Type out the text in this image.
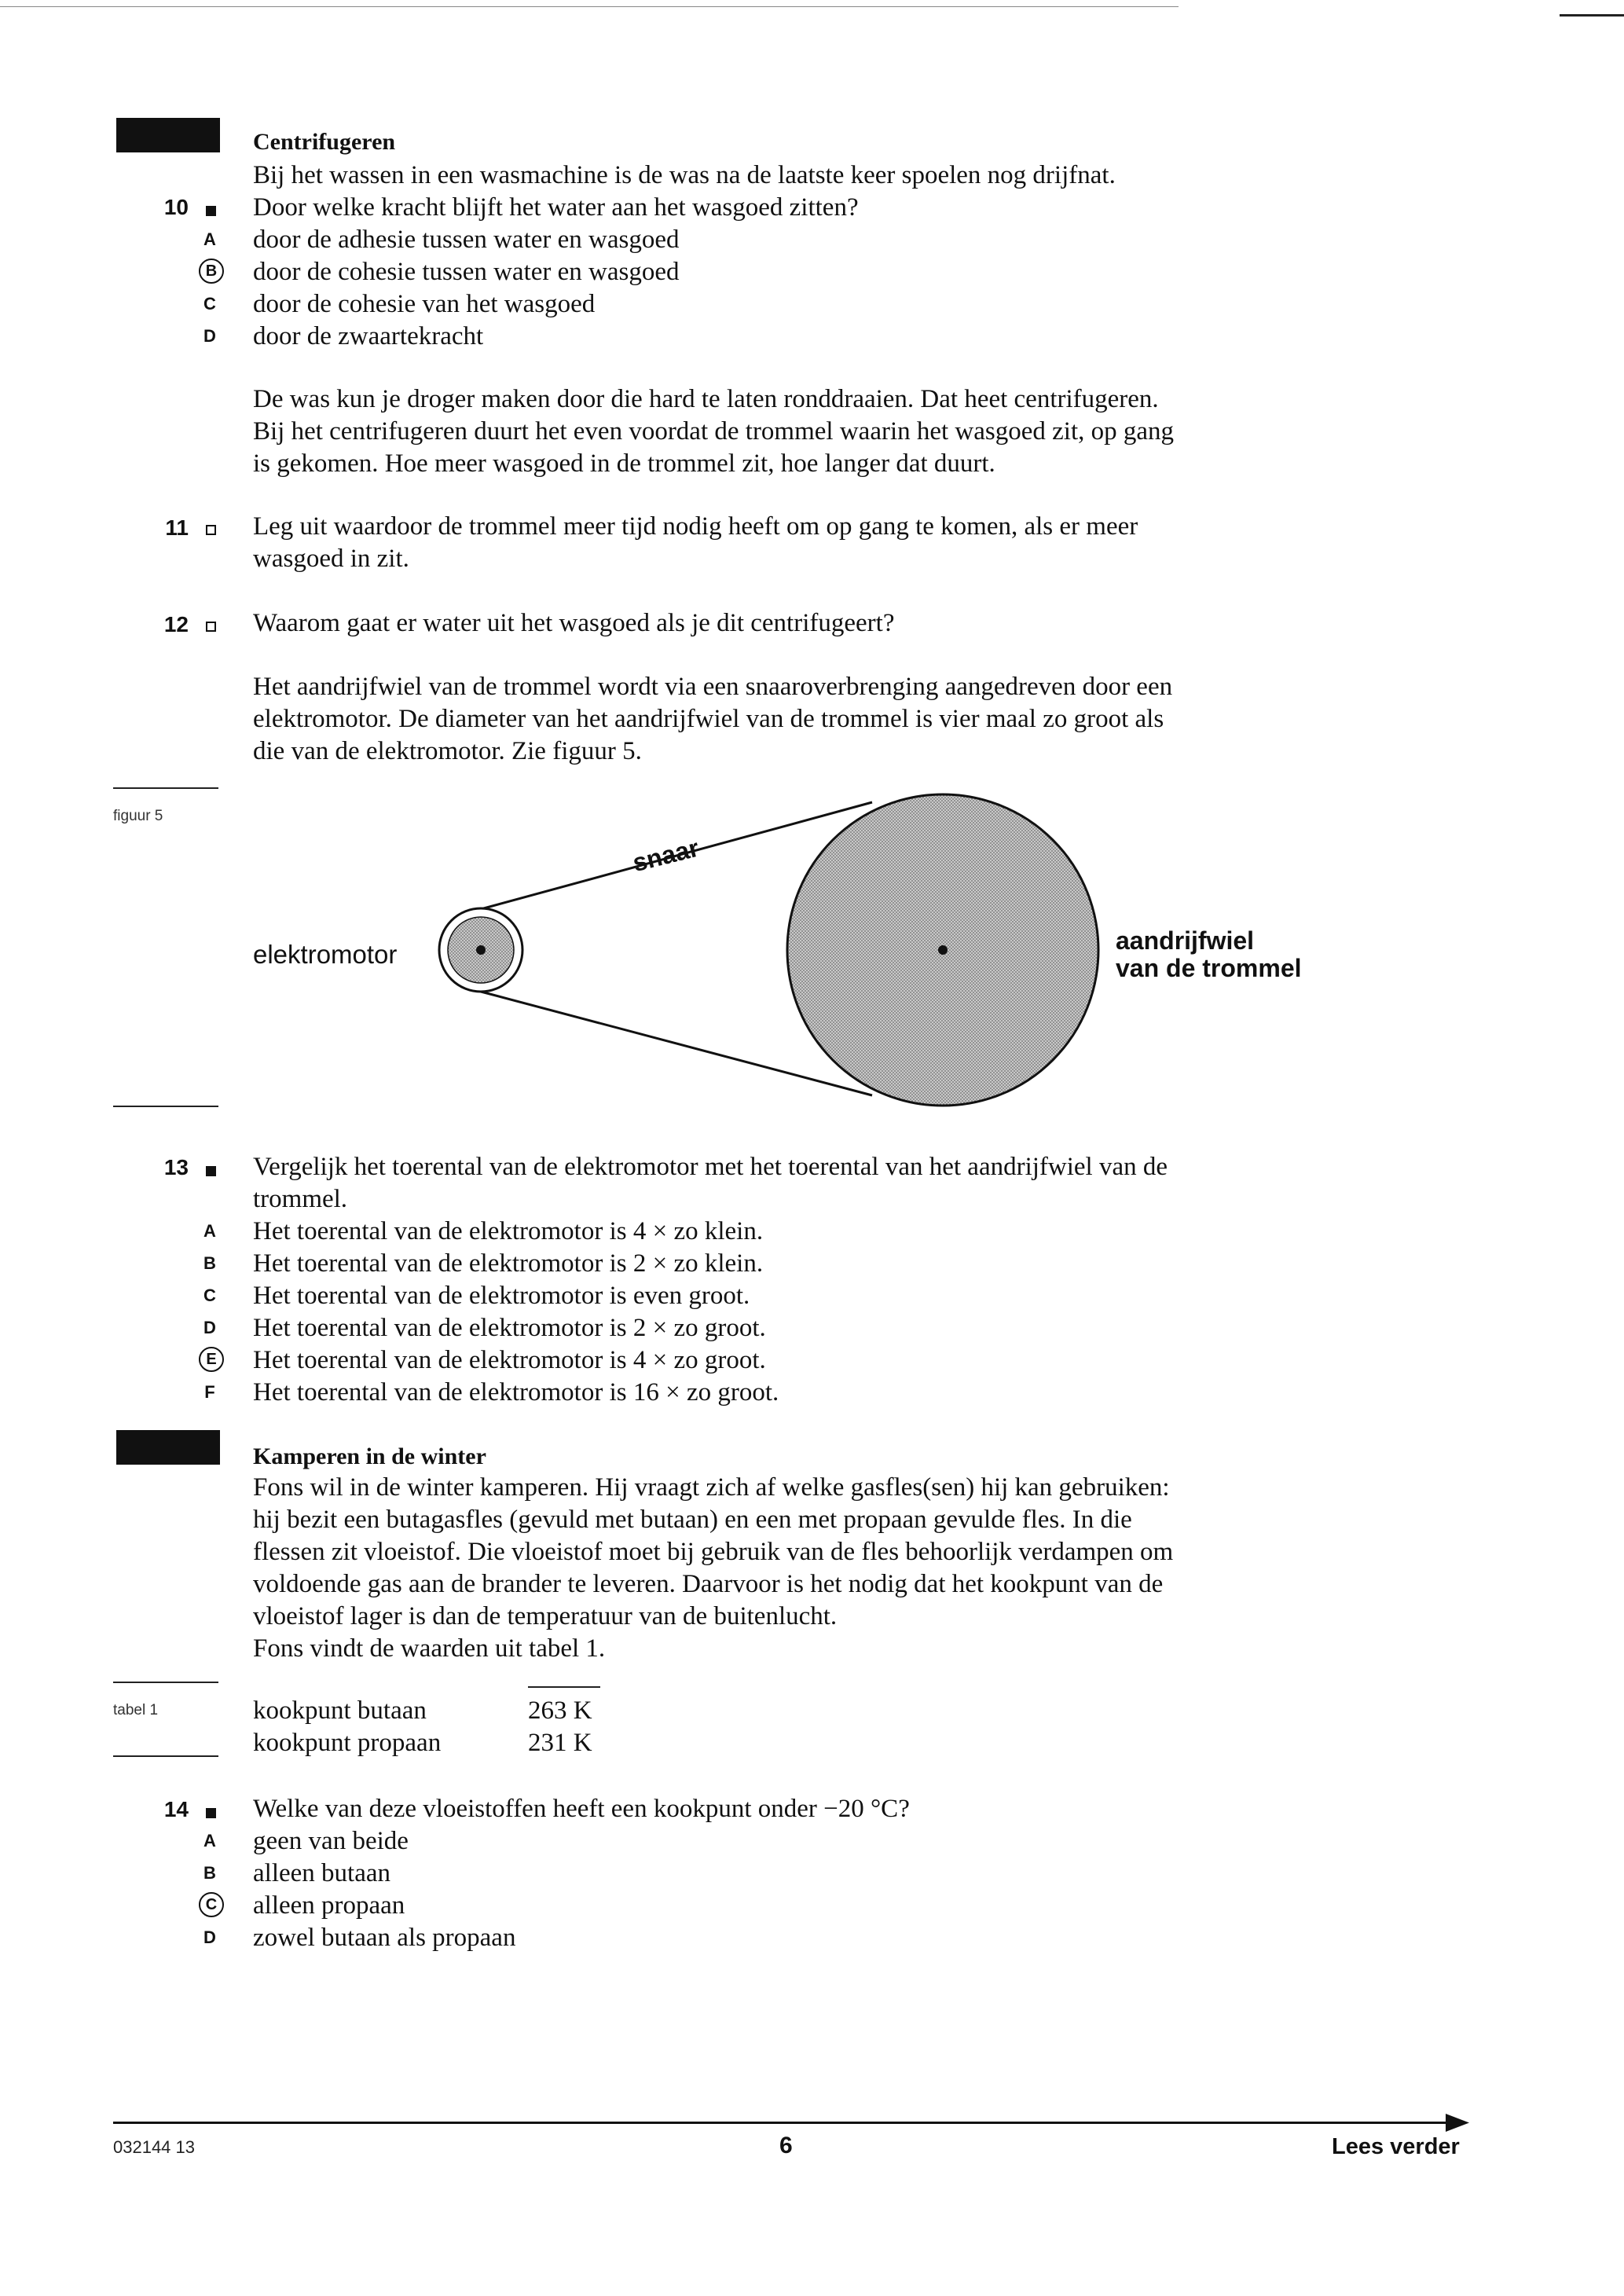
Centrifugeren
Bij het wassen in een wasmachine is de was na de laatste keer spoelen nog drijfnat.
10 Door welke kracht blijft het water aan het wasgoed zitten?
A door de adhesie tussen water en wasgoed
B door de cohesie tussen water en wasgoed
C door de cohesie van het wasgoed
D door de zwaartekracht
De was kun je droger maken door die hard te laten ronddraaien. Dat heet centrifugeren.
Bij het centrifugeren duurt het even voordat de trommel waarin het wasgoed zit, op gang
is gekomen. Hoe meer wasgoed in de trommel zit, hoe langer dat duurt.
11 Leg uit waardoor de trommel meer tijd nodig heeft om op gang te komen, als er meer
wasgoed in zit.
12 Waarom gaat er water uit het wasgoed als je dit centrifugeert?
Het aandrijfwiel van de trommel wordt via een snaaroverbrenging aangedreven door een
elektromotor. De diameter van het aandrijfwiel van de trommel is vier maal zo groot als
die van de elektromotor. Zie figuur 5.
figuur 5
snaar
elektromotor	aandrijfwiel
van de trommel
13 Vergelijk het toerental van de elektromotor met het toerental van het aandrijfwiel van de
trommel.
A Het toerental van de elektromotor is 4 × zo klein.
B Het toerental van de elektromotor is 2 × zo klein.
C Het toerental van de elektromotor is even groot.
D Het toerental van de elektromotor is 2 × zo groot.
E Het toerental van de elektromotor is 4 × zo groot.
F Het toerental van de elektromotor is 16 × zo groot.
Kamperen in de winter
Fons wil in de winter kamperen. Hij vraagt zich af welke gasfles(sen) hij kan gebruiken:
hij bezit een butagasfles (gevuld met butaan) en een met propaan gevulde fles. In die
flessen zit vloeistof. Die vloeistof moet bij gebruik van de fles behoorlijk verdampen om
voldoende gas aan de brander te leveren. Daarvoor is het nodig dat het kookpunt van de
vloeistof lager is dan de temperatuur van de buitenlucht.
Fons vindt de waarden uit tabel 1.
tabel 1	kookpunt butaan	263 K
kookpunt propaan	231 K
14 Welke van deze vloeistoffen heeft een kookpunt onder −20 °C?
A geen van beide
B alleen butaan
C alleen propaan
D zowel butaan als propaan
032144 13	6	Lees verder
